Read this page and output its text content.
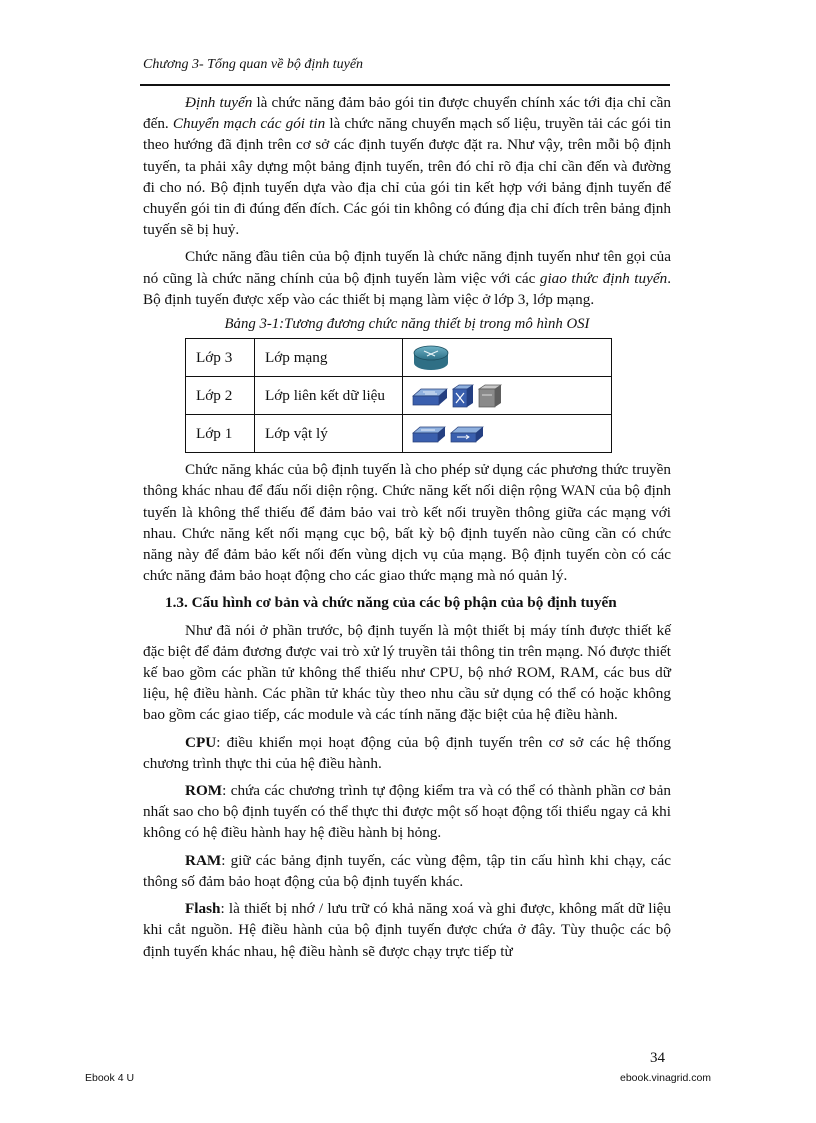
Chương 3- Tổng quan về bộ định tuyến

Định tuyến là chức năng đảm bảo gói tin được chuyển chính xác tới địa chỉ cần đến. Chuyển mạch các gói tin là chức năng chuyển mạch số liệu, truyền tải các gói tin theo hướng đã định trên cơ sở các định tuyến được đặt ra. Như vậy, trên mỗi bộ định tuyến, ta phải xây dựng một bảng định tuyến, trên đó chỉ rõ địa chỉ cần đến và đường đi cho nó. Bộ định tuyến dựa vào địa chỉ của gói tin kết hợp với bảng định tuyến để chuyển gói tin đi đúng đến đích. Các gói tin không có đúng địa chỉ đích trên bảng định tuyến sẽ bị huỷ.

Chức năng đầu tiên của bộ định tuyến là chức năng định tuyến như tên gọi của nó cũng là chức năng chính của bộ định tuyến làm việc với các giao thức định tuyến. Bộ định tuyến được xếp vào các thiết bị mạng làm việc ở lớp 3, lớp mạng.

Bảng 3-1:Tương đương chức năng thiết bị trong mô hình OSI
Lớp 3	Lớp mạng	

Lớp 2	Lớp liên kết dữ liệu	

Lớp 1	Lớp vật lý	

Chức năng khác của bộ định tuyến là cho phép sử dụng các phương thức truyền thông khác nhau để đấu nối diện rộng. Chức năng kết nối diện rộng WAN của bộ định tuyến là không thể thiếu để đảm bảo vai trò kết nối truyền thông giữa các mạng với nhau. Chức năng kết nối mạng cục bộ, bất kỳ bộ định tuyến nào cũng cần có chức năng này để đảm bảo kết nối đến vùng dịch vụ của mạng. Bộ định tuyến còn có các chức năng đảm bảo hoạt động cho các giao thức mạng mà nó quản lý.

1.3. Cấu hình cơ bản và chức năng của các bộ phận của bộ định tuyến

Như đã nói ở phần trước, bộ định tuyến là một thiết bị máy tính được thiết kế đặc biệt để đảm đương được vai trò xử lý truyền tải thông tin trên mạng. Nó được thiết kế bao gồm các phần tử không thể thiếu như CPU, bộ nhớ ROM, RAM, các bus dữ liệu, hệ điều hành. Các phần tử khác tùy theo nhu cầu sử dụng có thể có hoặc không bao gồm các giao tiếp, các module và các tính năng đặc biệt của hệ điều hành.

CPU: điều khiển mọi hoạt động của bộ định tuyến trên cơ sở các hệ thống chương trình thực thi của hệ điều hành.

ROM: chứa các chương trình tự động kiểm tra và có thể có thành phần cơ bản nhất sao cho bộ định tuyến có thể thực thi được một số hoạt động tối thiểu ngay cả khi không có hệ điều hành hay hệ điều hành bị hỏng.

RAM: giữ các bảng định tuyến, các vùng đệm, tập tin cấu hình khi chạy, các thông số đảm bảo hoạt động của bộ định tuyến khác.

Flash: là thiết bị nhớ / lưu trữ có khả năng xoá và ghi được, không mất dữ liệu khi cắt nguồn. Hệ điều hành của bộ định tuyến được chứa ở đây. Tùy thuộc các bộ định tuyến khác nhau, hệ điều hành sẽ được chạy trực tiếp từ

34
Ebook 4 U	ebook.vinagrid.com
